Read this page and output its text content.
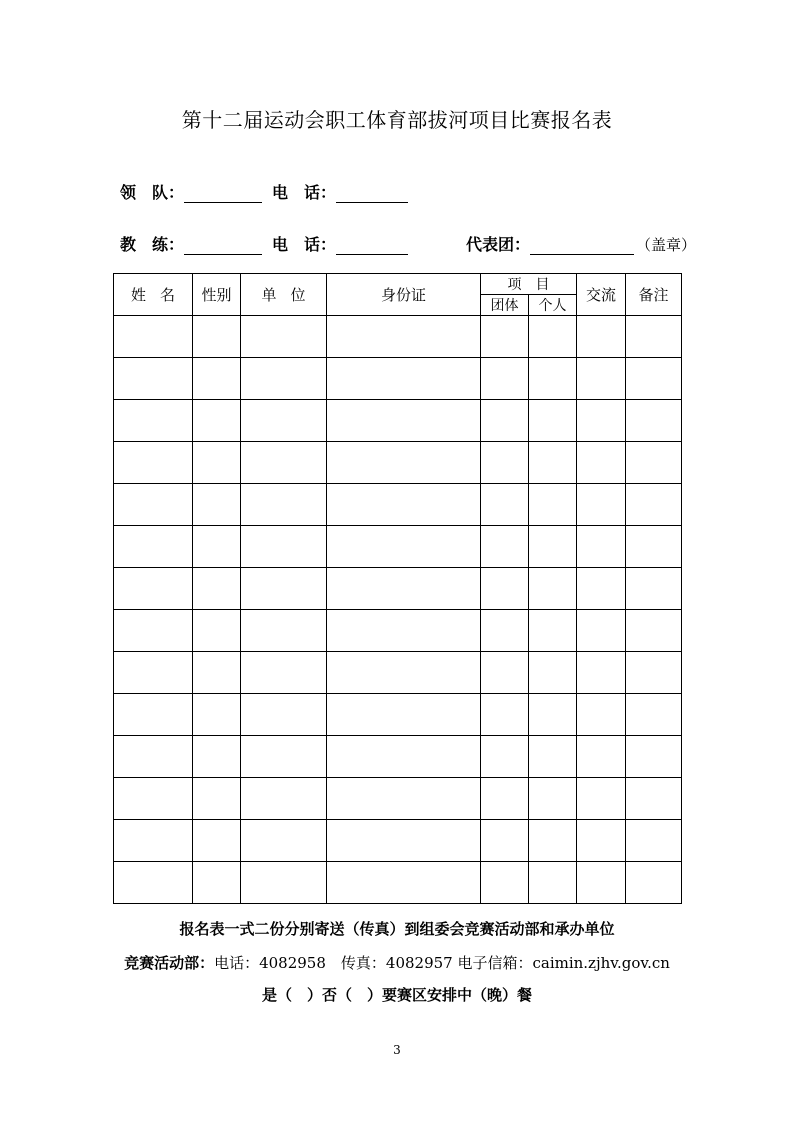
第十二届运动会职工体育部拔河项目比赛报名表
领　队：	电　话：
教　练：	电　话：	代表团：	（盖章）
姓名	性别	单位	身份证	项目		交流	备注
				团体	个人		

报名表一式二份分别寄送（传真）到组委会竞赛活动部和承办单位
竞赛活动部：电话：4082958　传真：4082957 电子信箱：caimin.zjhv.gov.cn
是（　）否（　）要赛区安排中（晚）餐
3
